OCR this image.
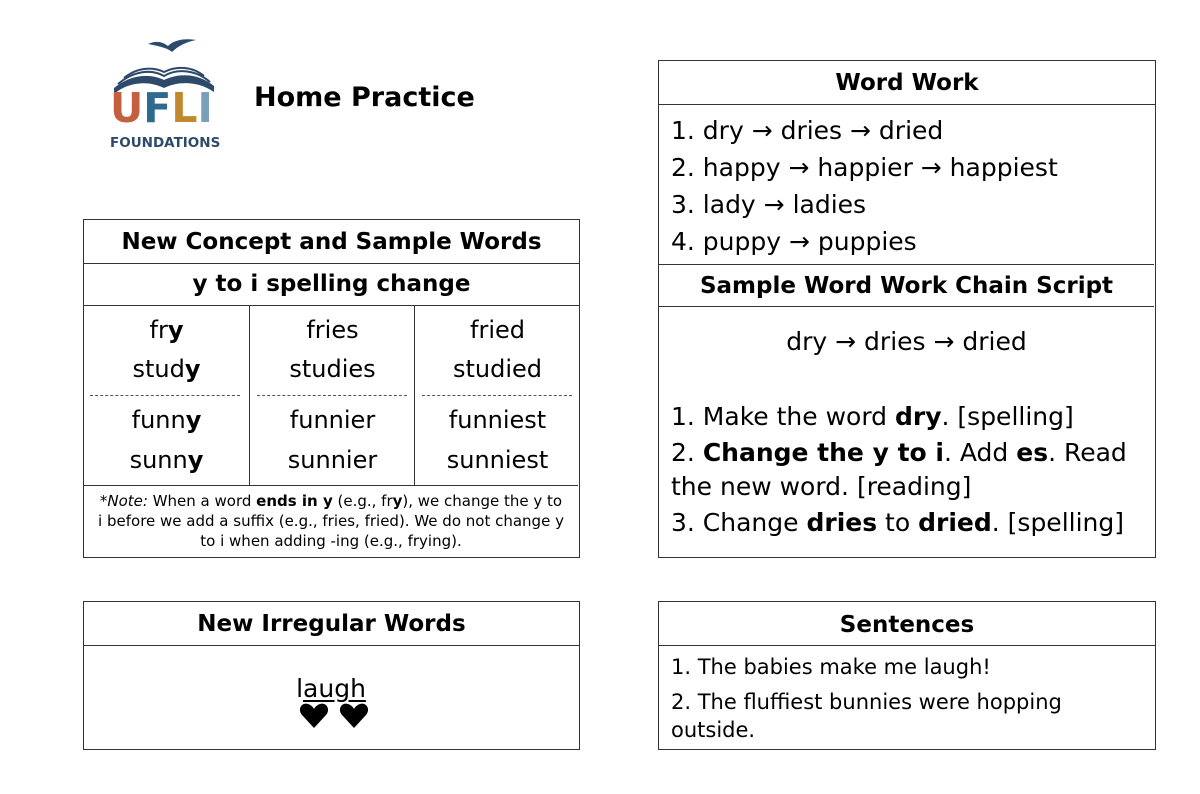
UFLI
FOUNDATIONS
Home Practice
New Concept and Sample Words
y to i spelling change
fry
study
funny
sunny
fries
studies
funnier
sunnier
fried
studied
funniest
sunniest
*Note: When a word ends in y (e.g., fry), we change the y to i before we add a suffix (e.g., fries, fried). We do not change y to i when adding -ing (e.g., frying).
New Irregular Words
laugh
Word Work
1. dry → dries → dried
2. happy → happier → happiest
3. lady → ladies
4. puppy → puppies
Sample Word Work Chain Script
dry → dries → dried
1. Make the word dry. [spelling]
2. Change the y to i. Add es. Read the new word. [reading]
3. Change dries to dried. [spelling]
Sentences
1. The babies make me laugh!
2. The fluffiest bunnies were hopping outside.
